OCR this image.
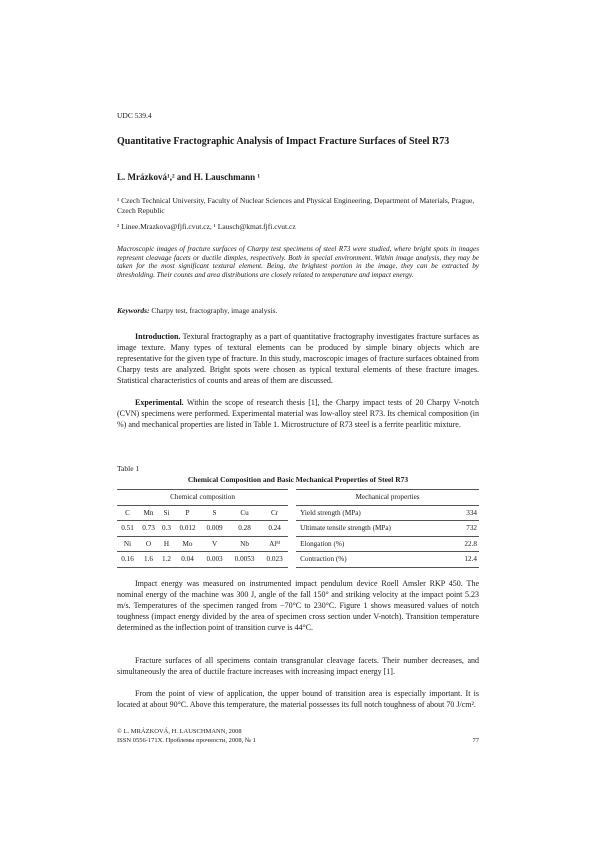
UDC 539.4
Quantitative Fractographic Analysis of Impact Fracture Surfaces of Steel R73
L. Mrázková¹,² and H. Lauschmann ¹
¹ Czech Technical University, Faculty of Nuclear Sciences and Physical Engineering, Department of Materials, Prague, Czech Republic
² Linee.Mrazkova@fjfi.cvut.cz, ¹ Lausch@kmat.fjfi.cvut.cz
Macroscopic images of fracture surfaces of Charpy test specimens of steel R73 were studied, where bright spots in images represent cleavage facets or ductile dimples, respectively. Both in special environment. Within image analysis, they may be taken for the most significant textural element. Being, the brightest portion in the image, they can be extracted by thresholding. Their counts and area distributions are closely related to temperature and impact energy.
Keywords: Charpy test, fractography, image analysis.
Introduction. Textural fractography as a part of quantitative fractography investigates fracture surfaces as image texture. Many types of textural elements can be produced by simple binary objects which are representative for the given type of fracture. In this study, macroscopic images of fracture surfaces obtained from Charpy tests are analyzed. Bright spots were chosen as typical textural elements of these fracture images. Statistical characteristics of counts and areas of them are discussed.
Experimental. Within the scope of research thesis [1], the Charpy impact tests of 20 Charpy V-notch (CVN) specimens were performed. Experimental material was low-alloy steel R73. Its chemical composition (in %) and mechanical properties are listed in Table 1. Microstructure of R73 steel is a ferrite pearlitic mixture.
Table 1
Chemical Composition and Basic Mechanical Properties of Steel R73
Chemical composition								Mechanical properties	
C	Mn	Si	P	S	Cu	Cr		Yield strength (MPa)	334
0.51	0.73	0.3	0.012	0.009	0.28	0.24		Ultimate tensile strength (MPa)	732
Ni	O	H	Mo	V	Nb	Alᴹ		Elongation (%)	22.8
0.16	1.6	1.2	0.04	0.003	0.0053	0.023		Contraction (%)	12.4
Impact energy was measured on instrumented impact pendulum device Roell Amsler RKP 450. The nominal energy of the machine was 300 J, angle of the fall 150° and striking velocity at the impact point 5.23 m/s. Temperatures of the specimen ranged from −70°C to 230°C. Figure 1 shows measured values of notch toughness (impact energy divided by the area of specimen cross section under V-notch). Transition temperature determined as the inflection point of transition curve is 44°C.
Fracture surfaces of all specimens contain transgranular cleavage facets. Their number decreases, and simultaneously the area of ductile fracture increases with increasing impact energy [1].
From the point of view of application, the upper bound of transition area is especially important. It is located at about 90°C. Above this temperature, the material possesses its full notch toughness of about 70 J/cm².
© L. MRÁZKOVÁ, H. LAUSCHMANN, 2008
ISSN 0556-171X. Проблемы прочности, 2008, № 1	77
